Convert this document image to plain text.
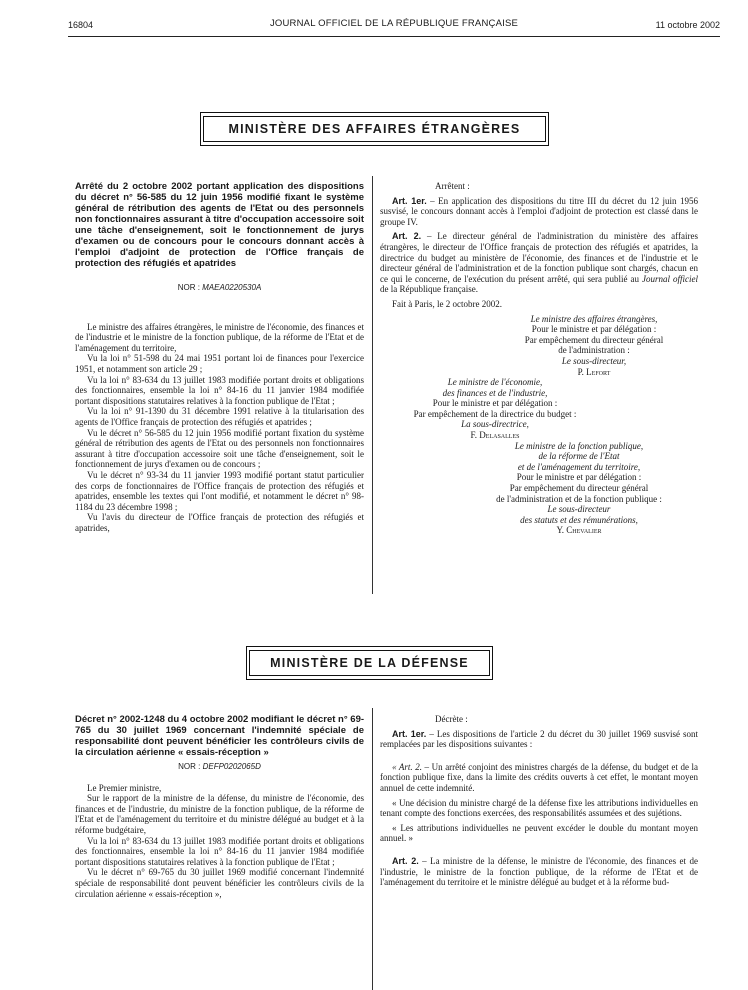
16804	JOURNAL OFFICIEL DE LA RÉPUBLIQUE FRANÇAISE	11 octobre 2002
MINISTÈRE DES AFFAIRES ÉTRANGÈRES
Arrêté du 2 octobre 2002 portant application des dispositions du décret n° 56-585 du 12 juin 1956 modifié fixant le système général de rétribution des agents de l'Etat ou des personnels non fonctionnaires assurant à titre d'occupation accessoire soit une tâche d'enseignement, soit le fonctionnement de jurys d'examen ou de concours pour le concours donnant accès à l'emploi d'adjoint de protection de l'Office français de protection des réfugiés et apatrides
NOR : MAEA0220530A

Le ministre des affaires étrangères, le ministre de l'économie, des finances et de l'industrie et le ministre de la fonction publique, de la réforme de l'Etat et de l'aménagement du territoire,

Vu la loi n° 51-598 du 24 mai 1951 portant loi de finances pour l'exercice 1951, et notamment son article 29 ;

Vu la loi n° 83-634 du 13 juillet 1983 modifiée portant droits et obligations des fonctionnaires, ensemble la loi n° 84-16 du 11 janvier 1984 modifiée portant dispositions statutaires relatives à la fonction publique de l'Etat ;

Vu la loi n° 91-1390 du 31 décembre 1991 relative à la titularisation des agents de l'Office français de protection des réfugiés et apatrides ;

Vu le décret n° 56-585 du 12 juin 1956 modifié portant fixation du système général de rétribution des agents de l'Etat ou des personnels non fonctionnaires assurant à titre d'occupation accessoire soit une tâche d'enseignement, soit le fonctionnement de jurys d'examen ou de concours ;

Vu le décret n° 93-34 du 11 janvier 1993 modifié portant statut particulier des corps de fonctionnaires de l'Office français de protection des réfugiés et apatrides, ensemble les textes qui l'ont modifié, et notamment le décret n° 98-1184 du 23 décembre 1998 ;

Vu l'avis du directeur de l'Office français de protection des réfugiés et apatrides,

Arrêtent :

Art. 1er. – En application des dispositions du titre III du décret du 12 juin 1956 susvisé, le concours donnant accès à l'emploi d'adjoint de protection est classé dans le groupe IV.

Art. 2. – Le directeur général de l'administration du ministère des affaires étrangères, le directeur de l'Office français de protection des réfugiés et apatrides, la directrice du budget au ministère de l'économie, des finances et de l'industrie et le directeur général de l'administration et de la fonction publique sont chargés, chacun en ce qui le concerne, de l'exécution du présent arrêté, qui sera publié au Journal officiel de la République française.

Fait à Paris, le 2 octobre 2002.

Le ministre des affaires étrangères,

Pour le ministre et par délégation :

Par empêchement du directeur général

de l'administration :

Le sous-directeur,

P. Lefort

Le ministre de l'économie,

des finances et de l'industrie,

Pour le ministre et par délégation :

Par empêchement de la directrice du budget :

La sous-directrice,

F. Delasalles

Le ministre de la fonction publique,

de la réforme de l'Etat

et de l'aménagement du territoire,

Pour le ministre et par délégation :

Par empêchement du directeur général

de l'administration et de la fonction publique :

Le sous-directeur

des statuts et des rémunérations,

Y. Chevalier

MINISTÈRE DE LA DÉFENSE
Décret n° 2002-1248 du 4 octobre 2002 modifiant le décret n° 69-765 du 30 juillet 1969 concernant l'indemnité spéciale de responsabilité dont peuvent bénéficier les contrôleurs civils de la circulation aérienne « essais-réception »
NOR : DEFP0202065D

Le Premier ministre,

Sur le rapport de la ministre de la défense, du ministre de l'économie, des finances et de l'industrie, du ministre de la fonction publique, de la réforme de l'Etat et de l'aménagement du territoire et du ministre délégué au budget et à la réforme budgétaire,

Vu la loi n° 83-634 du 13 juillet 1983 modifiée portant droits et obligations des fonctionnaires, ensemble la loi n° 84-16 du 11 janvier 1984 modifiée portant dispositions statutaires relatives à la fonction publique de l'Etat ;

Vu le décret n° 69-765 du 30 juillet 1969 modifié concernant l'indemnité spéciale de responsabilité dont peuvent bénéficier les contrôleurs civils de la circulation aérienne « essais-réception »,

Décrète :

Art. 1er. – Les dispositions de l'article 2 du décret du 30 juillet 1969 susvisé sont remplacées par les dispositions suivantes :

« Art. 2. – Un arrêté conjoint des ministres chargés de la défense, du budget et de la fonction publique fixe, dans la limite des crédits ouverts à cet effet, le montant moyen annuel de cette indemnité.

« Une décision du ministre chargé de la défense fixe les attributions individuelles en tenant compte des fonctions exercées, des responsabilités assumées et des sujétions.

« Les attributions individuelles ne peuvent excéder le double du montant moyen annuel. »

Art. 2. – La ministre de la défense, le ministre de l'économie, des finances et de l'industrie, le ministre de la fonction publique, de la réforme de l'Etat et de l'aménagement du territoire et le ministre délégué au budget et à la réforme bud-
